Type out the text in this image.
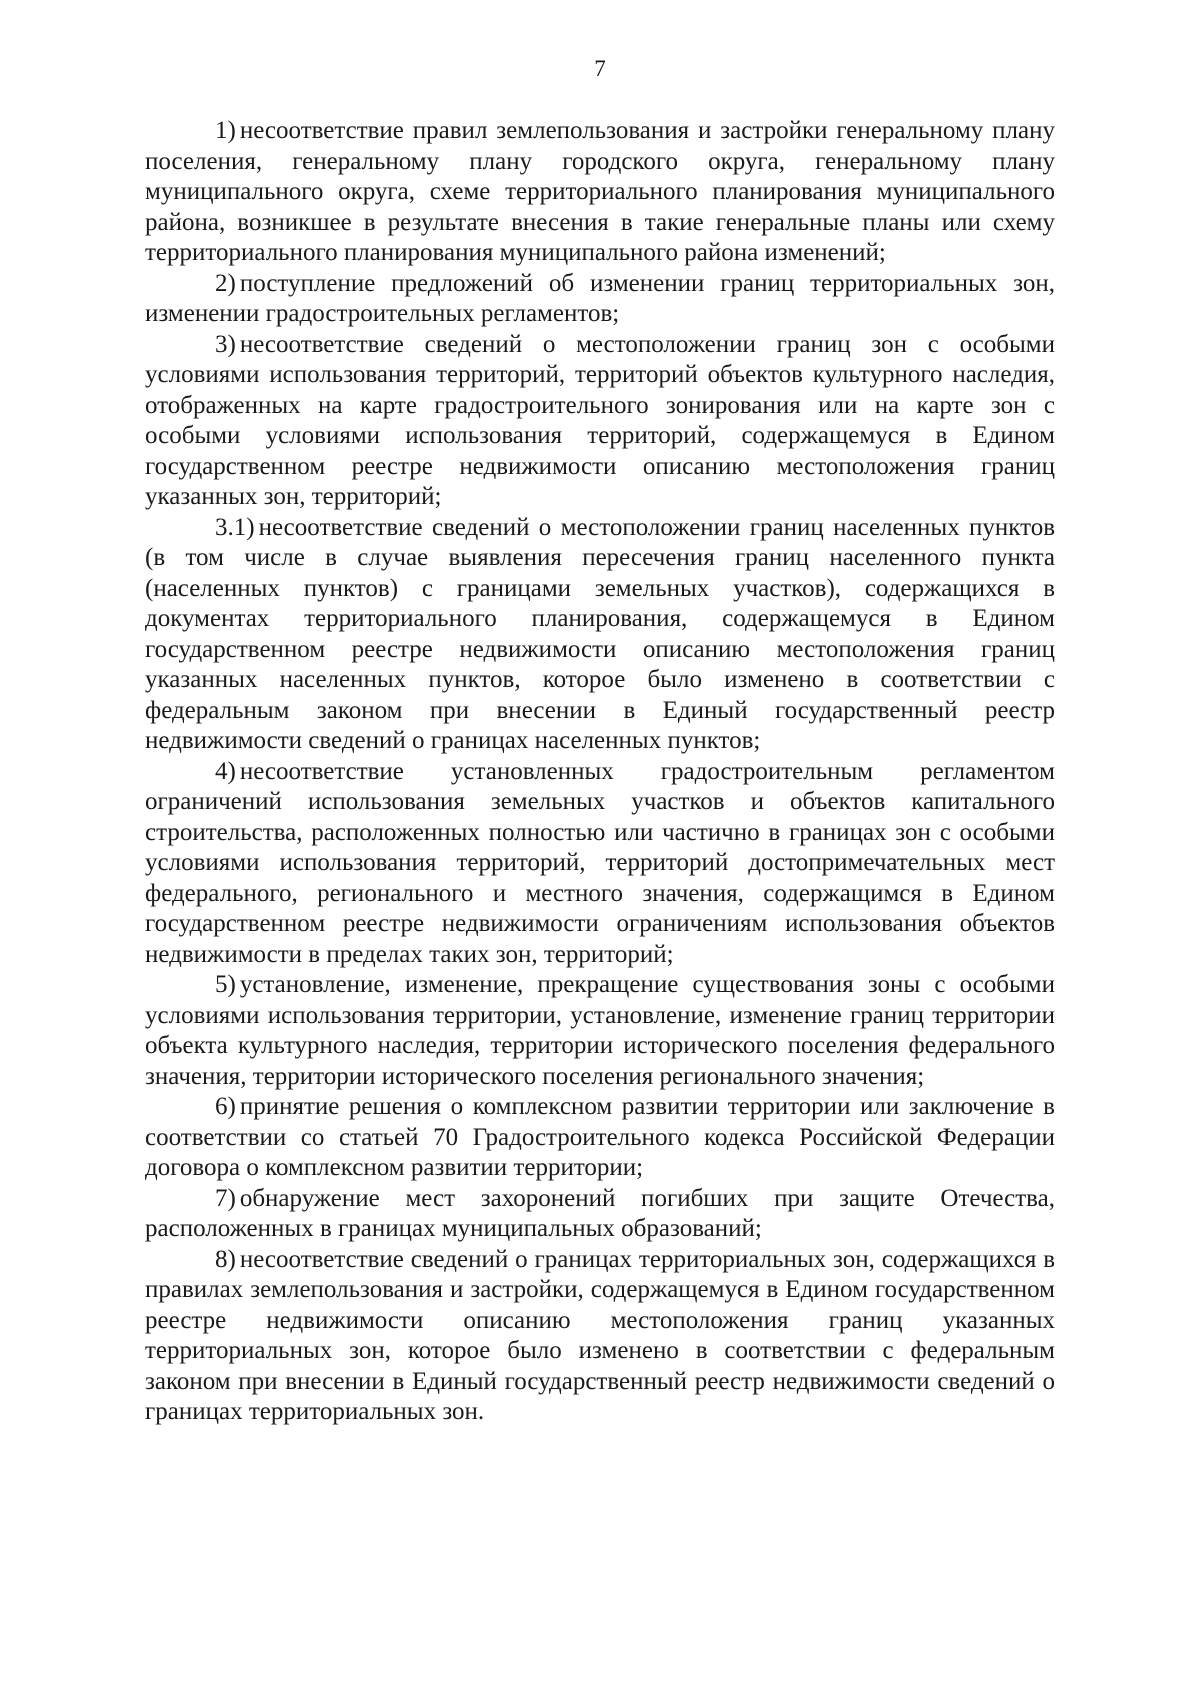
7

1) несоответствие правил землепользования и застройки генеральному плану поселения, генеральному плану городского округа, генеральному плану муниципального округа, схеме территориального планирования муниципального района, возникшее в результате внесения в такие генеральные планы или схему территориального планирования муниципального района изменений;

2) поступление предложений об изменении границ территориальных зон, изменении градостроительных регламентов;

3) несоответствие сведений о местоположении границ зон с особыми условиями использования территорий, территорий объектов культурного наследия, отображенных на карте градостроительного зонирования или на карте зон с особыми условиями использования территорий, содержащемуся в Едином государственном реестре недвижимости описанию местоположения границ указанных зон, территорий;

3.1) несоответствие сведений о местоположении границ населенных пунктов (в том числе в случае выявления пересечения границ населенного пункта (населенных пунктов) с границами земельных участков), содержащихся в документах территориального планирования, содержащемуся в Едином государственном реестре недвижимости описанию местоположения границ указанных населенных пунктов, которое было изменено в соответствии с федеральным законом при внесении в Единый государственный реестр недвижимости сведений о границах населенных пунктов;

4) несоответствие установленных градостроительным регламентом ограничений использования земельных участков и объектов капитального строительства, расположенных полностью или частично в границах зон с особыми условиями использования территорий, территорий достопримечательных мест федерального, регионального и местного значения, содержащимся в Едином государственном реестре недвижимости ограничениям использования объектов недвижимости в пределах таких зон, территорий;

5) установление, изменение, прекращение существования зоны с особыми условиями использования территории, установление, изменение границ территории объекта культурного наследия, территории исторического поселения федерального значения, территории исторического поселения регионального значения;

6) принятие решения о комплексном развитии территории или заключение в соответствии со статьей 70 Градостроительного кодекса Российской Федерации договора о комплексном развитии территории;

7) обнаружение мест захоронений погибших при защите Отечества, расположенных в границах муниципальных образований;

8) несоответствие сведений о границах территориальных зон, содержащихся в правилах землепользования и застройки, содержащемуся в Едином государственном реестре недвижимости описанию местоположения границ указанных территориальных зон, которое было изменено в соответствии с федеральным законом при внесении в Единый государственный реестр недвижимости сведений о границах территориальных зон.
